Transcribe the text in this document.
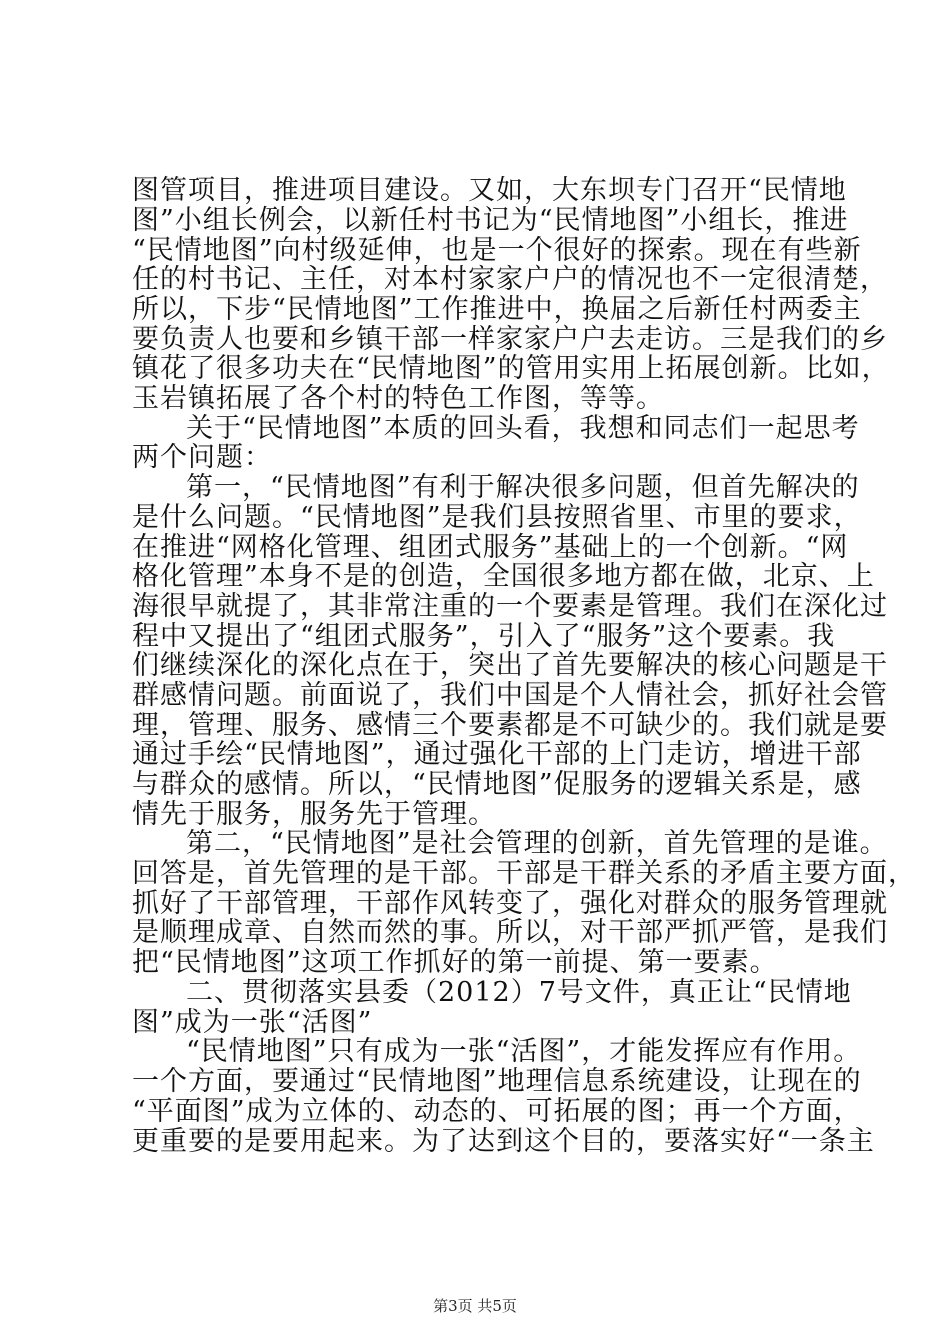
图管项目，推进项目建设。又如，大东坝专门召开“民情地
图”小组长例会，以新任村书记为“民情地图”小组长，推进
“民情地图”向村级延伸，也是一个很好的探索。现在有些新
任的村书记、主任，对本村家家户户的情况也不一定很清楚，
所以，下步“民情地图”工作推进中，换届之后新任村两委主
要负责人也要和乡镇干部一样家家户户去走访。三是我们的乡
镇花了很多功夫在“民情地图”的管用实用上拓展创新。比如，
玉岩镇拓展了各个村的特色工作图，等等。
关于“民情地图”本质的回头看，我想和同志们一起思考
两个问题：
第一，“民情地图”有利于解决很多问题，但首先解决的
是什么问题。“民情地图”是我们县按照省里、市里的要求，
在推进“网格化管理、组团式服务”基础上的一个创新。“网
格化管理”本身不是的创造，全国很多地方都在做，北京、上
海很早就提了，其非常注重的一个要素是管理。我们在深化过
程中又提出了“组团式服务”，引入了“服务”这个要素。我
们继续深化的深化点在于，突出了首先要解决的核心问题是干
群感情问题。前面说了，我们中国是个人情社会，抓好社会管
理，管理、服务、感情三个要素都是不可缺少的。我们就是要
通过手绘“民情地图”，通过强化干部的上门走访，增进干部
与群众的感情。所以，“民情地图”促服务的逻辑关系是，感
情先于服务，服务先于管理。
第二，“民情地图”是社会管理的创新，首先管理的是谁。
回答是，首先管理的是干部。干部是干群关系的矛盾主要方面，
抓好了干部管理，干部作风转变了，强化对群众的服务管理就
是顺理成章、自然而然的事。所以，对干部严抓严管，是我们
把“民情地图”这项工作抓好的第一前提、第一要素。
二、贯彻落实县委（2012）7号文件，真正让“民情地
图”成为一张“活图”
“民情地图”只有成为一张“活图”，才能发挥应有作用。
一个方面，要通过“民情地图”地理信息系统建设，让现在的
“平面图”成为立体的、动态的、可拓展的图；再一个方面，
更重要的是要用起来。为了达到这个目的，要落实好“一条主
第3页 共5页
